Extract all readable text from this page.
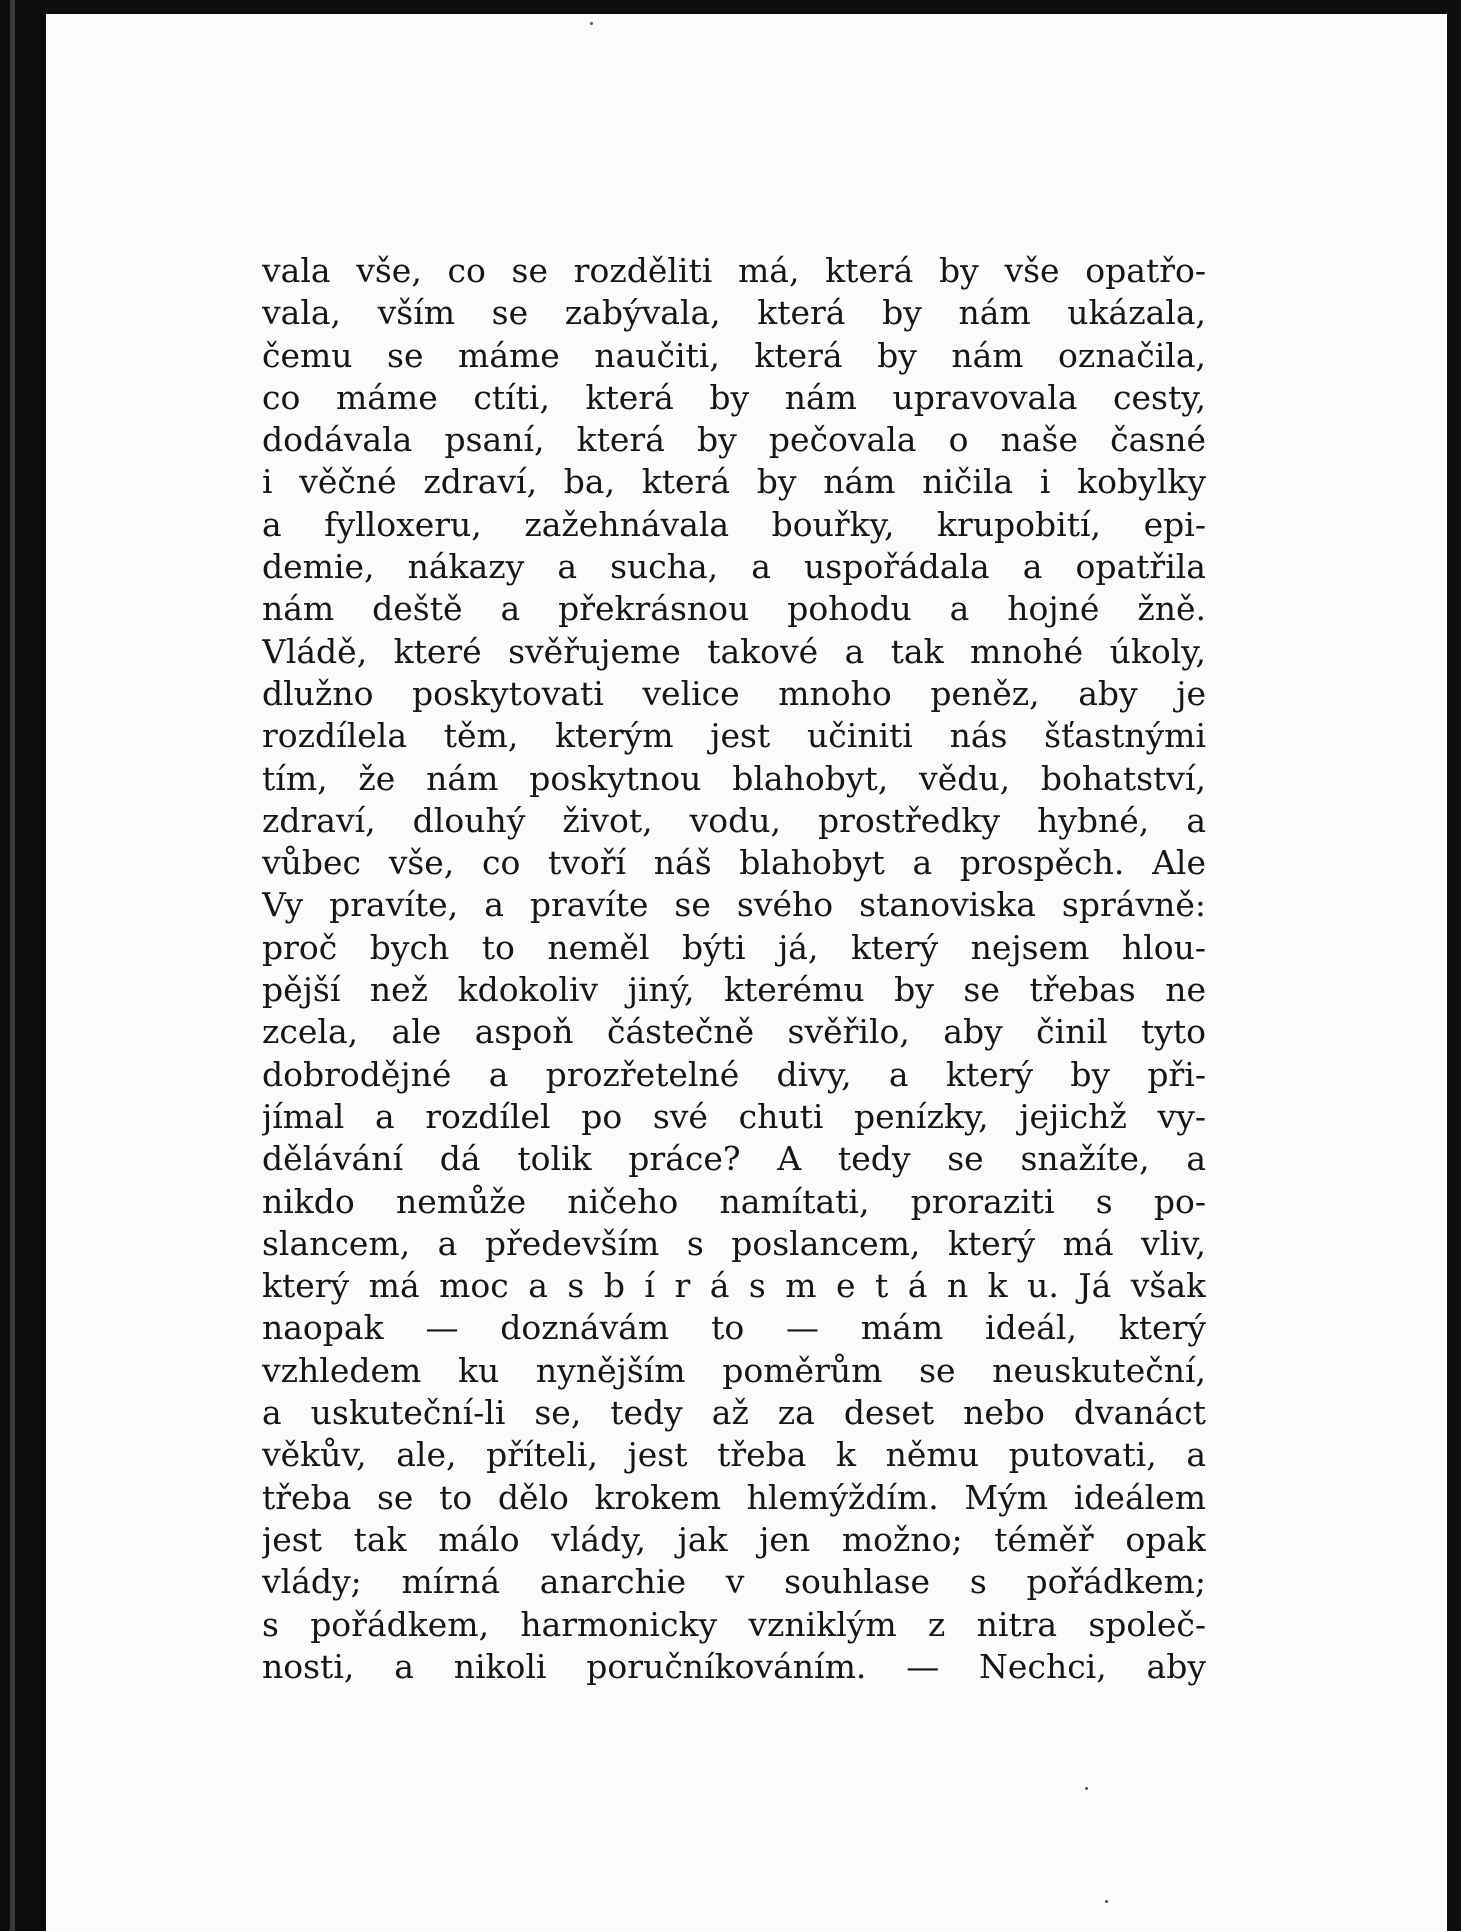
vala vše, co se rozděliti má, která by vše opatřo-
vala, vším se zabývala, která by nám ukázala,
čemu se máme naučiti, která by nám označila,
co máme ctíti, která by nám upravovala cesty,
dodávala psaní, která by pečovala o naše časné
i věčné zdraví, ba, která by nám ničila i kobylky
a fylloxeru, zažehnávala bouřky, krupobití, epi-
demie, nákazy a sucha, a uspořádala a opatřila
nám deště a překrásnou pohodu a hojné žně.
Vládě, které svěřujeme takové a tak mnohé úkoly,
dlužno poskytovati velice mnoho peněz, aby je
rozdílela těm, kterým jest učiniti nás šťastnými
tím, že nám poskytnou blahobyt, vědu, bohatství,
zdraví, dlouhý život, vodu, prostředky hybné, a
vůbec vše, co tvoří náš blahobyt a prospěch. Ale
Vy pravíte, a pravíte se svého stanoviska správně:
proč bych to neměl býti já, který nejsem hlou-
pější než kdokoliv jiný, kterému by se třebas ne
zcela, ale aspoň částečně svěřilo, aby činil tyto
dobrodějné a prozřetelné divy, a který by při-
jímal a rozdílel po své chuti penízky, jejichž vy-
dělávání dá tolik práce? A tedy se snažíte, a
nikdo nemůže ničeho namítati, proraziti s po-
slancem, a především s poslancem, který má vliv,
který má moc a s b í r á s m e t á n k u. Já však
naopak — doznávám to — mám ideál, který
vzhledem ku nynějším poměrům se neuskuteční,
a uskuteční-li se, tedy až za deset nebo dvanáct
věkův, ale, příteli, jest třeba k němu putovati, a
třeba se to dělo krokem hlemýždím. Mým ideálem
jest tak málo vlády, jak jen možno; téměř opak
vlády; mírná anarchie v souhlase s pořádkem;
s pořádkem, harmonicky vzniklým z nitra společ-
nosti, a nikoli poručníkováním. — Nechci, aby
